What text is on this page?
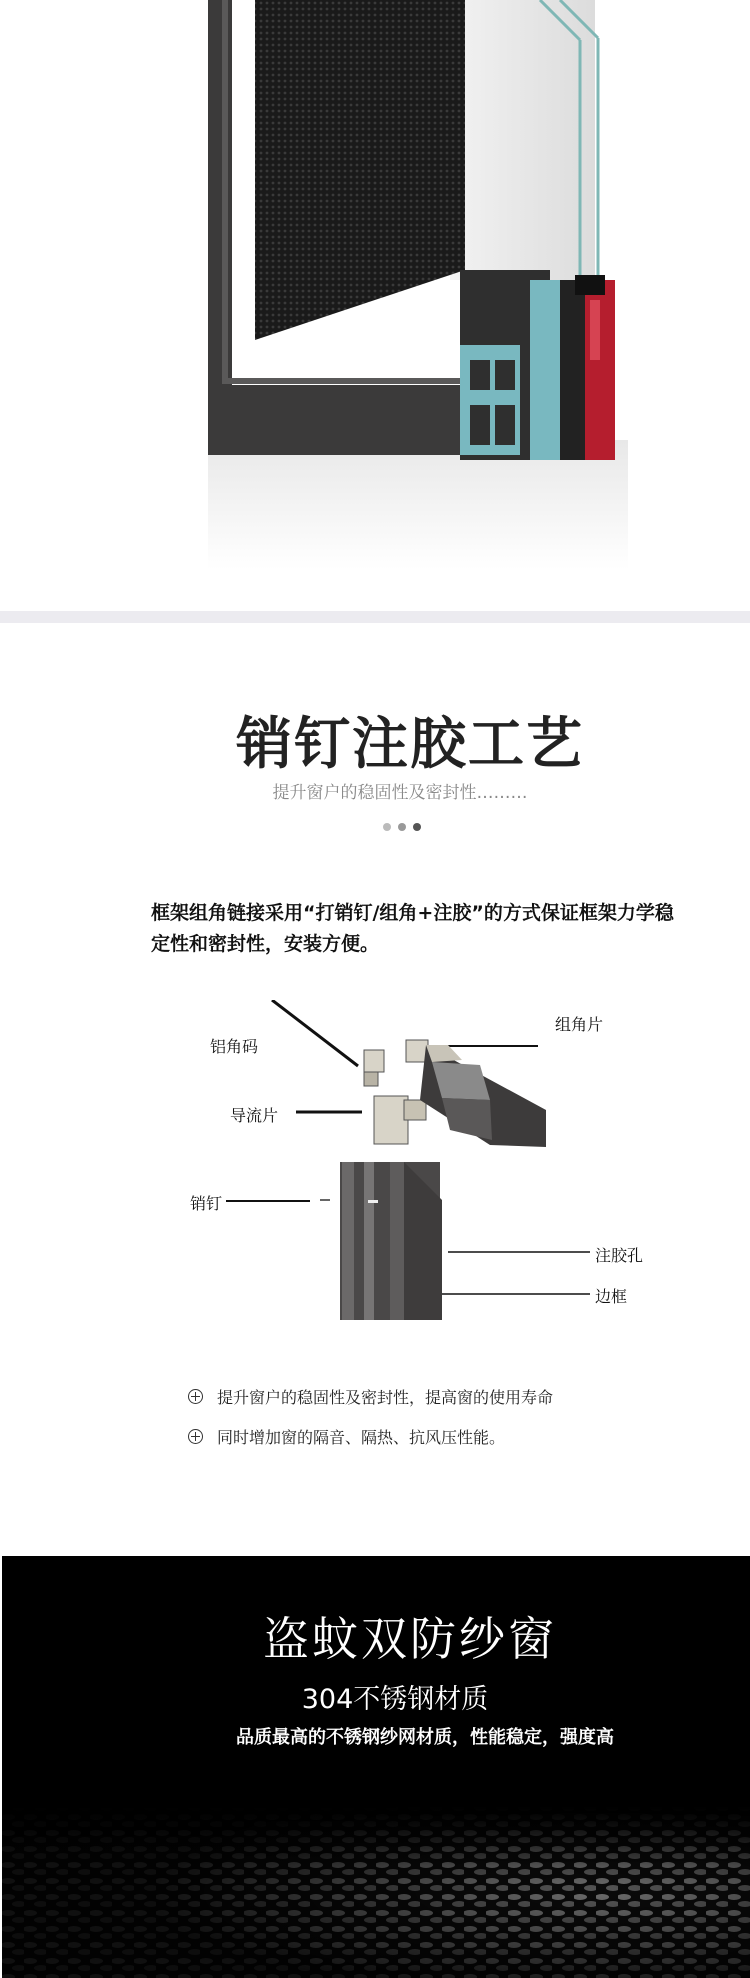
销钉注胶工艺
提升窗户的稳固性及密封性………
框架组角链接采用“打销钉/组角+注胶”的方式保证框架力学稳定性和密封性，安装方便。
铝角码
导流片
销钉
组角片
注胶孔
边框
提升窗户的稳固性及密封性，提高窗的使用寿命
同时增加窗的隔音、隔热、抗风压性能。
盗蚊双防纱窗
304不锈钢材质
品质最高的不锈钢纱网材质，性能稳定，强度高
